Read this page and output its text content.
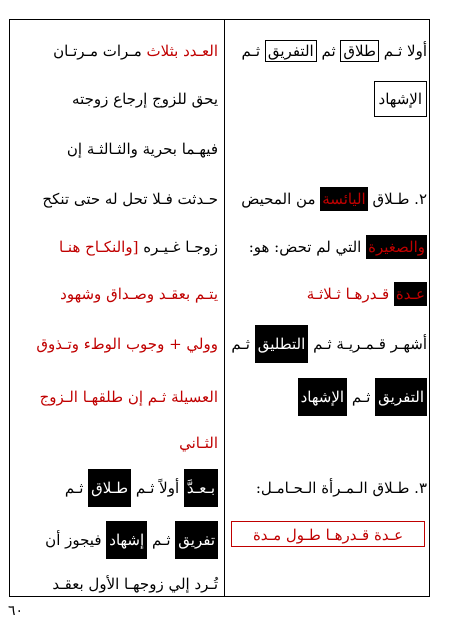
أولا ثـم طلاق ثم التفريق ثـم
الإشهاد
٢. طـلاق اليائسة من المحيض
والصغيرة التي لم تحض: هو:
عـدة قـدرهـا ثـلاثـة
أشهـر قـمـريـة ثـم التطليق ثـم
التفريق ثـم الإشهاد
٣. طـلاق الـمـرأة الـحـامـل:
عـدة قـدرهـا طـول مـدة
العـدد بثلاث مـرات مـرتـان
يحق للزوج إرجاع زوجته
فيهـما بحرية والثـالثـة إن
حـدثت فـلا تحل له حتى تنكح
زوجـا غـيـره [والنكـاح هنـا
يتـم بعقـد وصـداق وشهود
وولي + وجوب الوطء وتـذوق
العسيلة ثـم إن طلقهـا الـزوج
الثـاني
بـعـدَّ أولاً ثـم طـلاق ثـم
تفريق ثـم إشهاد فيجوز أن
تُـرد إلي زوجهـا الأول بعقـد
٦٠
